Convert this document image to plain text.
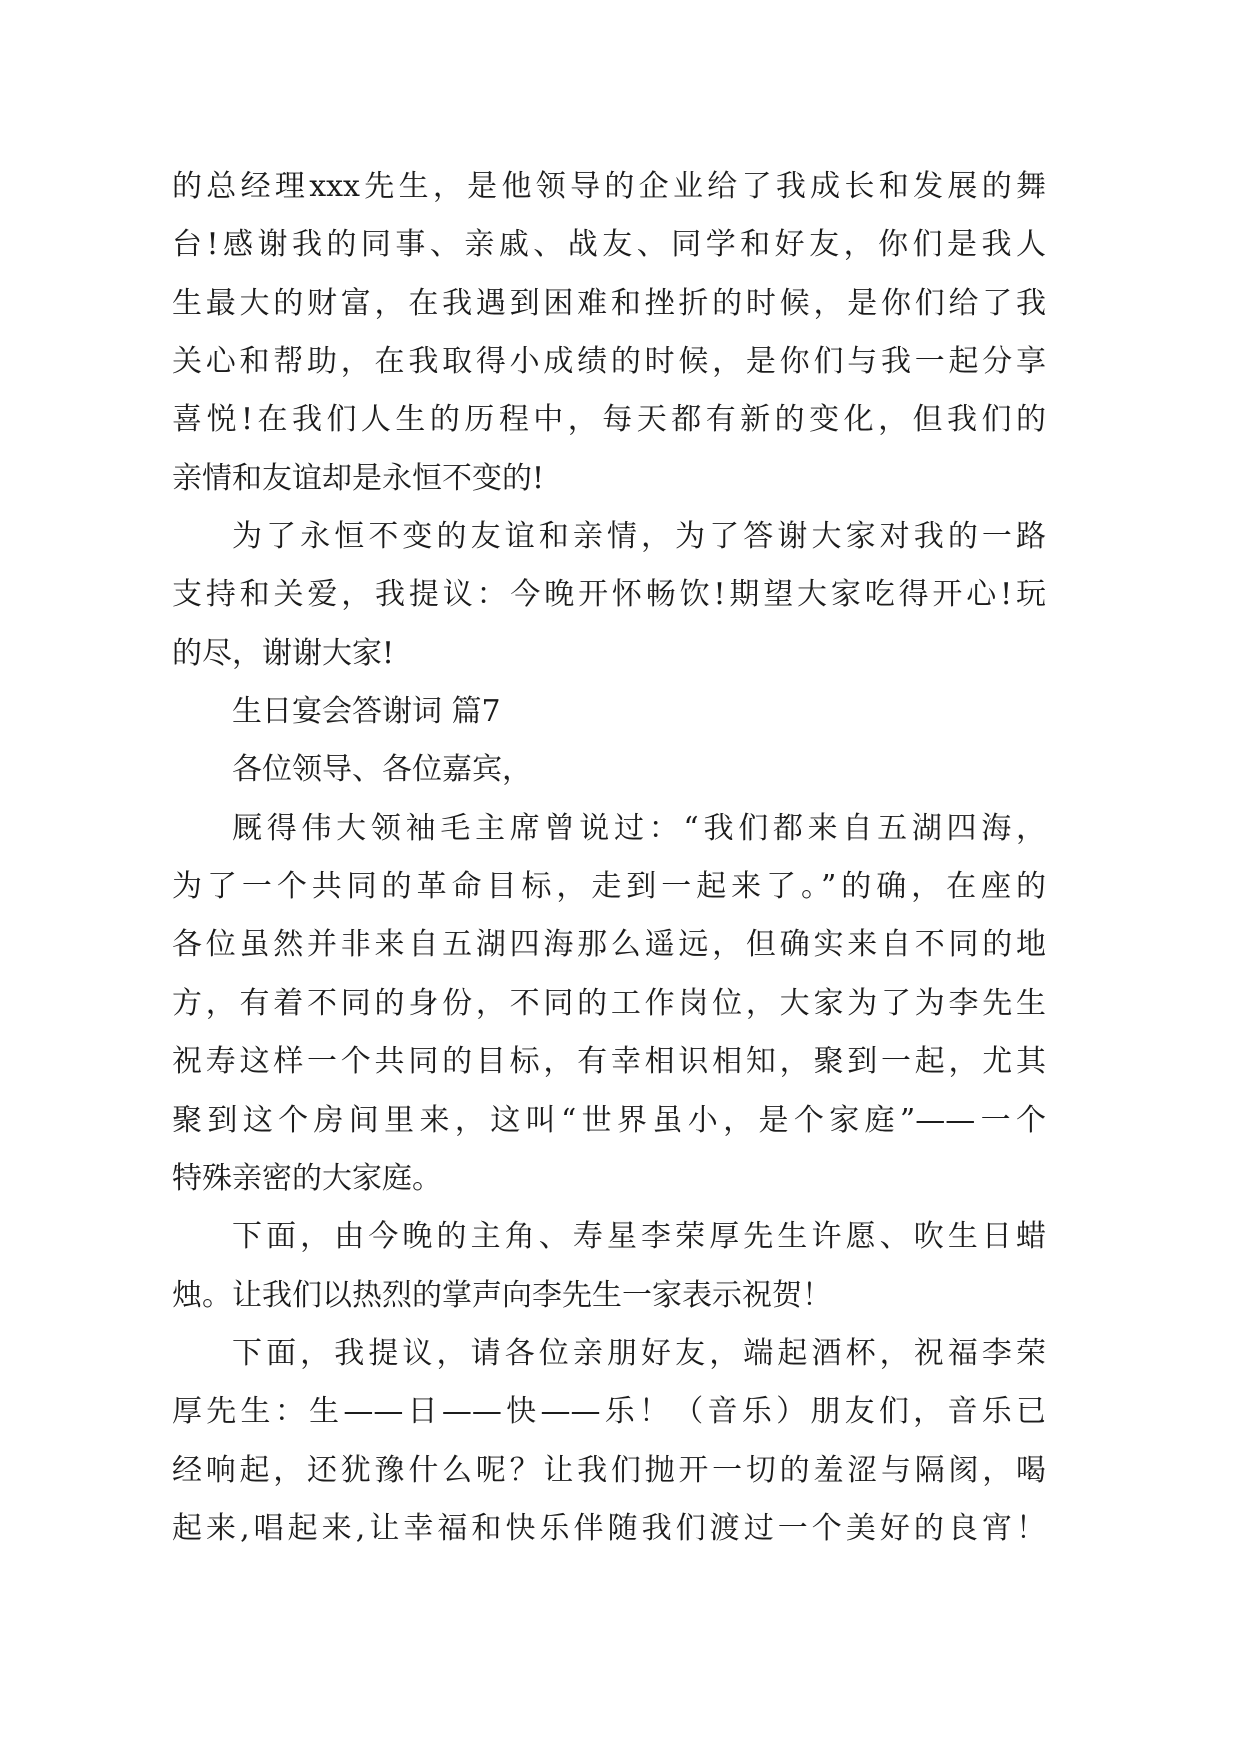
的总经理xxx先生，是他领导的企业给了我成长和发展的舞
台!感谢我的同事、亲戚、战友、同学和好友，你们是我人
生最大的财富，在我遇到困难和挫折的时候，是你们给了我
关心和帮助，在我取得小成绩的时候，是你们与我一起分享
喜悦!在我们人生的历程中，每天都有新的变化，但我们的
亲情和友谊却是永恒不变的!
为了永恒不变的友谊和亲情，为了答谢大家对我的一路
支持和关爱，我提议：今晚开怀畅饮!期望大家吃得开心!玩
的尽，谢谢大家!
生日宴会答谢词 篇7
各位领导、各位嘉宾，
厩得伟大领袖毛主席曾说过：“我们都来自五湖四海，
为了一个共同的革命目标，走到一起来了。”的确，在座的
各位虽然并非来自五湖四海那么遥远，但确实来自不同的地
方，有着不同的身份，不同的工作岗位，大家为了为李先生
祝寿这样一个共同的目标，有幸相识相知，聚到一起，尤其
聚到这个房间里来，这叫“世界虽小，是个家庭”——一个
特殊亲密的大家庭。
下面，由今晚的主角、寿星李荣厚先生许愿、吹生日蜡
烛。让我们以热烈的掌声向李先生一家表示祝贺！
下面，我提议，请各位亲朋好友，端起酒杯，祝福李荣
厚先生：生——日——快——乐！（音乐）朋友们，音乐已
经响起，还犹豫什么呢？让我们抛开一切的羞涩与隔阂，喝
起来,唱起来,让幸福和快乐伴随我们渡过一个美好的良宵！
